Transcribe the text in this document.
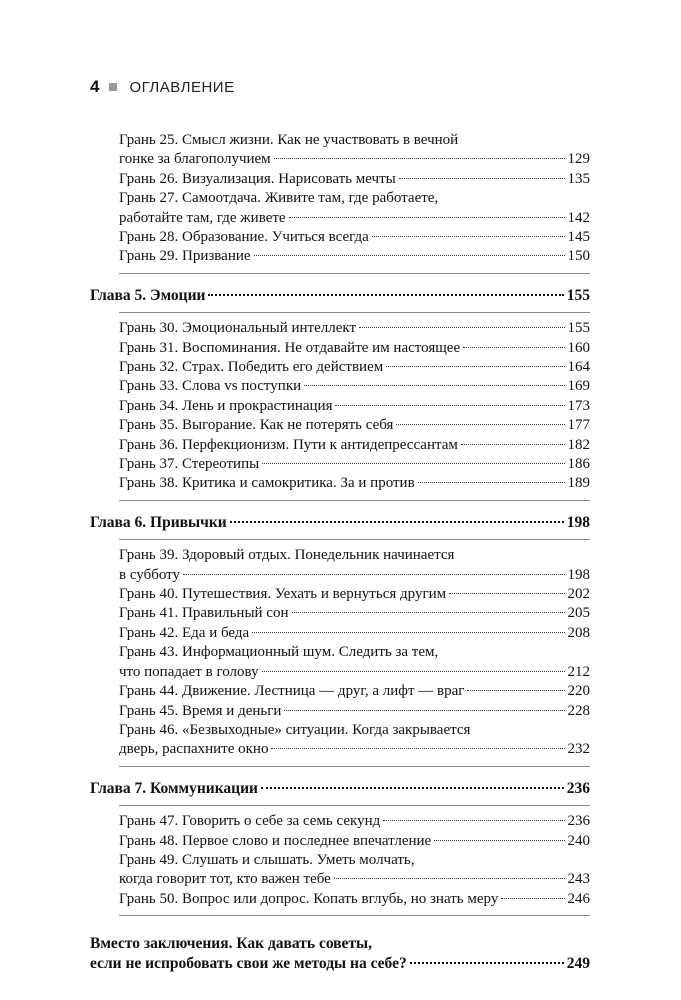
4 ОГЛАВЛЕНИЕ
Грань 25. Смысл жизни. Как не участвовать в вечной
гонке за благополучием	129
Грань 26. Визуализация. Нарисовать мечты	135
Грань 27. Самоотдача. Живите там, где работаете,
работайте там, где живете	142
Грань 28. Образование. Учиться всегда	145
Грань 29. Призвание	150
Глава 5. Эмоции	155
Грань 30. Эмоциональный интеллект	155
Грань 31. Воспоминания. Не отдавайте им настоящее	160
Грань 32. Страх. Победить его действием	164
Грань 33. Слова vs поступки	169
Грань 34. Лень и прокрастинация	173
Грань 35. Выгорание. Как не потерять себя	177
Грань 36. Перфекционизм. Пути к антидепрессантам	182
Грань 37. Стереотипы	186
Грань 38. Критика и самокритика. За и против	189
Глава 6. Привычки	198
Грань 39. Здоровый отдых. Понедельник начинается
в субботу	198
Грань 40. Путешествия. Уехать и вернуться другим	202
Грань 41. Правильный сон	205
Грань 42. Еда и беда	208
Грань 43. Информационный шум. Следить за тем,
что попадает в голову	212
Грань 44. Движение. Лестница — друг, а лифт — враг	220
Грань 45. Время и деньги	228
Грань 46. «Безвыходные» ситуации. Когда закрывается
дверь, распахните окно	232
Глава 7. Коммуникации	236
Грань 47. Говорить о себе за семь секунд	236
Грань 48. Первое слово и последнее впечатление	240
Грань 49. Слушать и слышать. Уметь молчать,
когда говорит тот, кто важен тебе	243
Грань 50. Вопрос или допрос. Копать вглубь, но знать меру	246
Вместо заключения. Как давать советы,
если не испробовать свои же методы на себе?	249
